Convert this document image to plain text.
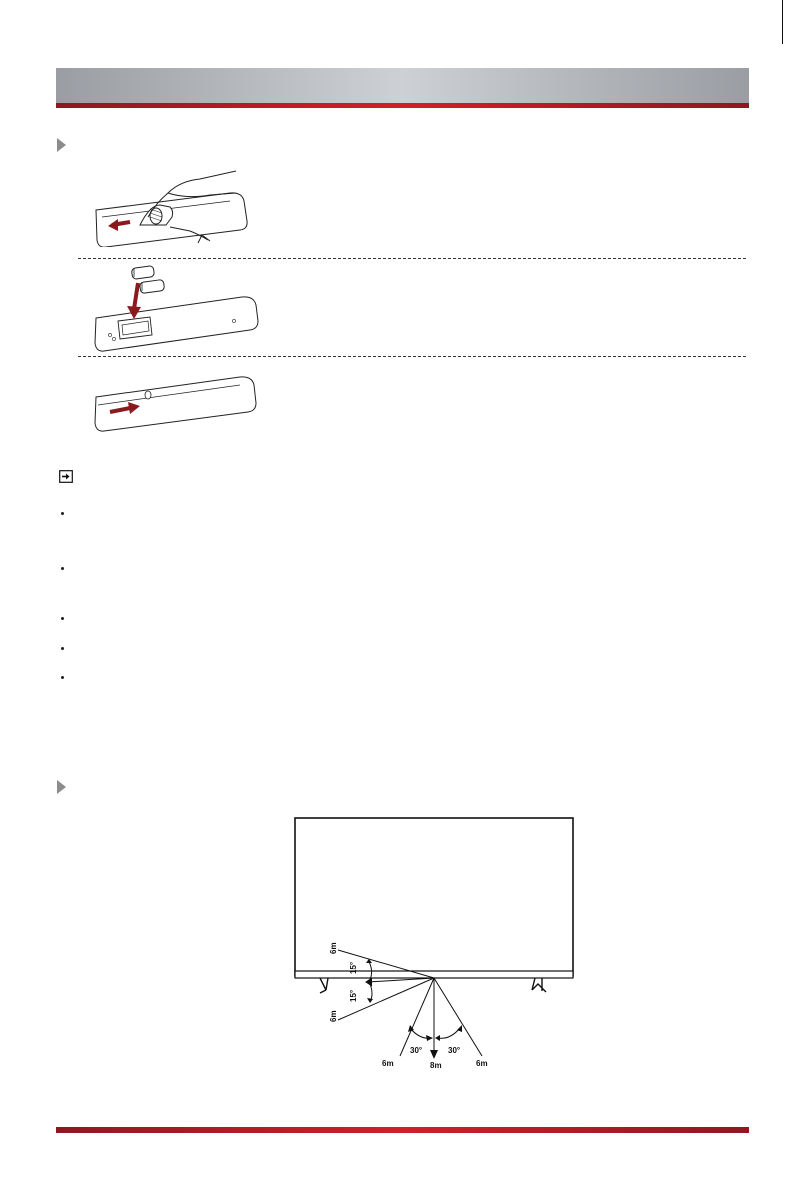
6m
15°
15°
6m
30°	30°
6m	8m	6m
